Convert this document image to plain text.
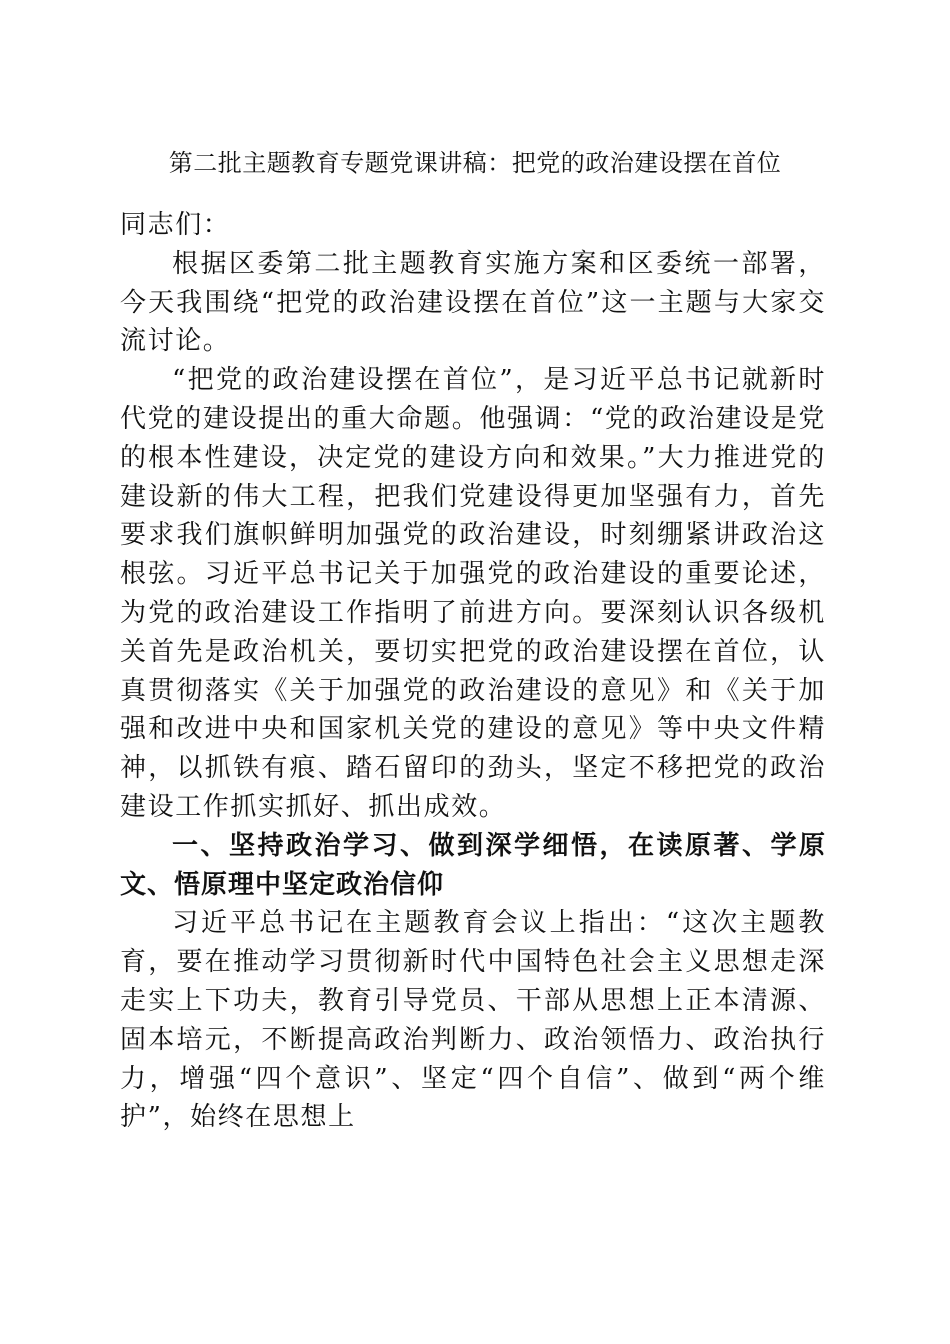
第二批主题教育专题党课讲稿：把党的政治建设摆在首位

同志们：

根据区委第二批主题教育实施方案和区委统一部署，今天我围绕“把党的政治建设摆在首位”这一主题与大家交流讨论。

“把党的政治建设摆在首位”，是习近平总书记就新时代党的建设提出的重大命题。他强调：“党的政治建设是党的根本性建设，决定党的建设方向和效果。”大力推进党的建设新的伟大工程，把我们党建设得更加坚强有力，首先要求我们旗帜鲜明加强党的政治建设，时刻绷紧讲政治这根弦。习近平总书记关于加强党的政治建设的重要论述，为党的政治建设工作指明了前进方向。要深刻认识各级机关首先是政治机关，要切实把党的政治建设摆在首位，认真贯彻落实《关于加强党的政治建设的意见》和《关于加强和改进中央和国家机关党的建设的意见》等中央文件精神，以抓铁有痕、踏石留印的劲头，坚定不移把党的政治建设工作抓实抓好、抓出成效。

一、坚持政治学习、做到深学细悟，在读原著、学原文、悟原理中坚定政治信仰

习近平总书记在主题教育会议上指出：“这次主题教育，要在推动学习贯彻新时代中国特色社会主义思想走深走实上下功夫，教育引导党员、干部从思想上正本清源、固本培元，不断提高政治判断力、政治领悟力、政治执行力，增强“四个意识”、坚定“四个自信”、做到“两个维护”，始终在思想上
